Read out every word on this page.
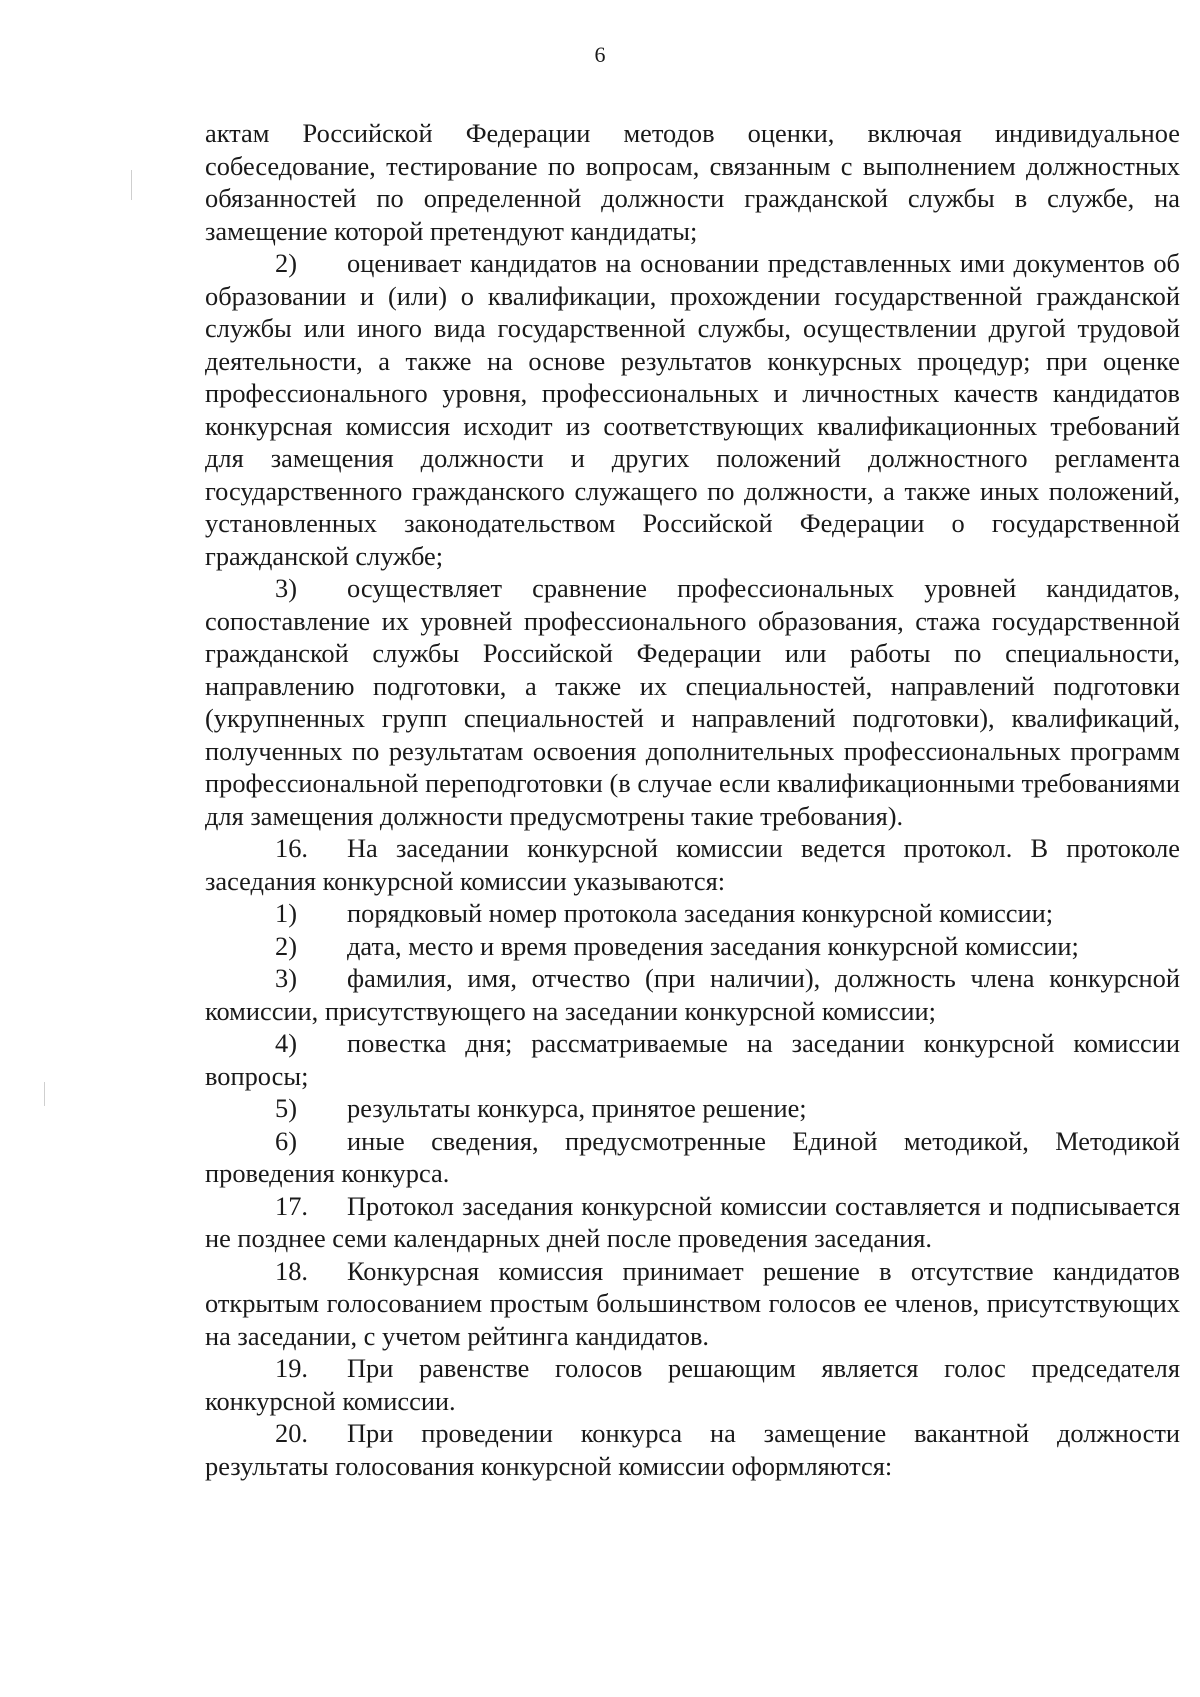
6

актам Российской Федерации методов оценки, включая индивидуальное собеседование, тестирование по вопросам, связанным с выполнением должностных обязанностей по определенной должности гражданской службы в службе, на замещение которой претендуют кандидаты;

2) оценивает кандидатов на основании представленных ими документов об образовании и (или) о квалификации, прохождении государственной гражданской службы или иного вида государственной службы, осуществлении другой трудовой деятельности, а также на основе результатов конкурсных процедур; при оценке профессионального уровня, профессиональных и личностных качеств кандидатов конкурсная комиссия исходит из соответствующих квалификационных требований для замещения должности и других положений должностного регламента государственного гражданского служащего по должности, а также иных положений, установленных законодательством Российской Федерации о государственной гражданской службе;

3) осуществляет сравнение профессиональных уровней кандидатов, сопоставление их уровней профессионального образования, стажа государственной гражданской службы Российской Федерации или работы по специальности, направлению подготовки, а также их специальностей, направлений подготовки (укрупненных групп специальностей и направлений подготовки), квалификаций, полученных по результатам освоения дополнительных профессиональных программ профессиональной переподготовки (в случае если квалификационными требованиями для замещения должности предусмотрены такие требования).

16. На заседании конкурсной комиссии ведется протокол. В протоколе заседания конкурсной комиссии указываются:

1) порядковый номер протокола заседания конкурсной комиссии;

2) дата, место и время проведения заседания конкурсной комиссии;

3) фамилия, имя, отчество (при наличии), должность члена конкурсной комиссии, присутствующего на заседании конкурсной комиссии;

4) повестка дня; рассматриваемые на заседании конкурсной комиссии вопросы;

5) результаты конкурса, принятое решение;

6) иные сведения, предусмотренные Единой методикой, Методикой проведения конкурса.

17. Протокол заседания конкурсной комиссии составляется и подписывается не позднее семи календарных дней после проведения заседания.

18. Конкурсная комиссия принимает решение в отсутствие кандидатов открытым голосованием простым большинством голосов ее членов, присутствующих на заседании, с учетом рейтинга кандидатов.

19. При равенстве голосов решающим является голос председателя конкурсной комиссии.

20. При проведении конкурса на замещение вакантной должности результаты голосования конкурсной комиссии оформляются:
